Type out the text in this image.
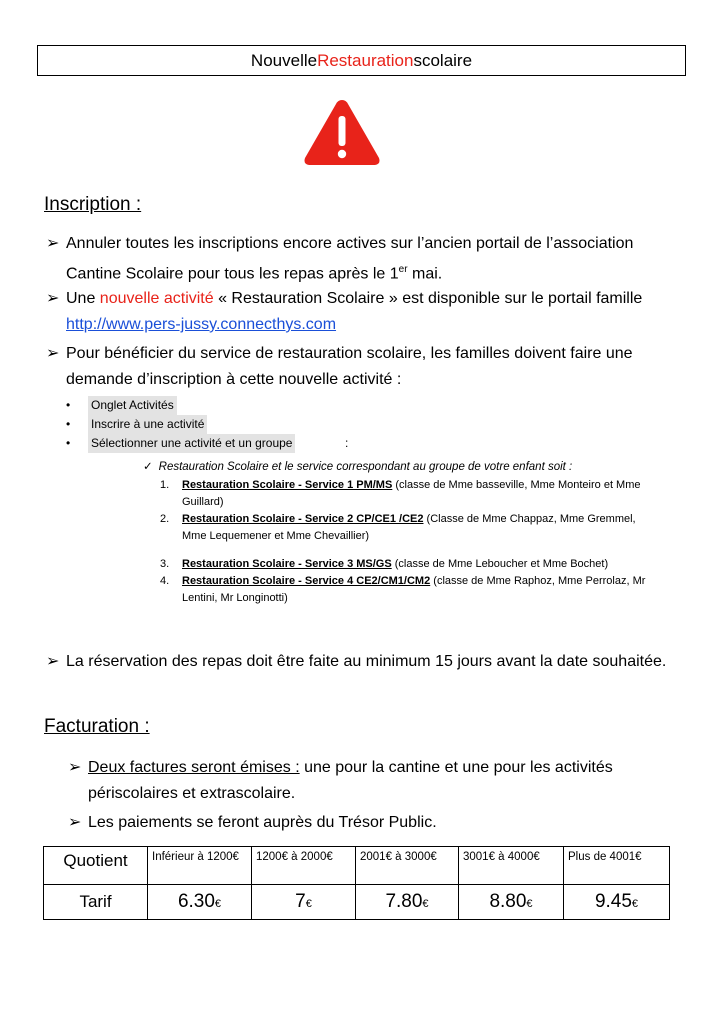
Nouvelle Restauration scolaire
Inscription :
➢ Annuler toutes les inscriptions encore actives sur l’ancien portail de l’association Cantine Scolaire pour tous les repas après le 1er mai.
➢ Une nouvelle activité « Restauration Scolaire » est disponible sur le portail famille http://www.pers-jussy.connecthys.com
➢ Pour bénéficier du service de restauration scolaire, les familles doivent faire une demande d’inscription à cette nouvelle activité :
• Onglet Activités
• Inscrire à une activité
• Sélectionner une activité et un groupe	:
✓ Restauration Scolaire et le service correspondant au groupe de votre enfant soit :
1. Restauration Scolaire - Service 1 PM/MS (classe de Mme basseville, Mme Monteiro et Mme Guillard)
2. Restauration Scolaire - Service 2 CP/CE1 /CE2 (Classe de Mme Chappaz, Mme Gremmel, Mme Lequemener et Mme Chevaillier)
3. Restauration Scolaire - Service 3 MS/GS (classe de Mme Leboucher et Mme Bochet)
4. Restauration Scolaire - Service 4 CE2/CM1/CM2 (classe de Mme Raphoz, Mme Perrolaz, Mr Lentini, Mr Longinotti)
➢ La réservation des repas doit être faite au minimum 15 jours avant la date souhaitée.
Facturation :
➢ Deux factures seront émises : une pour la cantine et une pour les activités périscolaires et extrascolaire.
➢ Les paiements se feront auprès du Trésor Public.
Quotient	Inférieur à 1200€	1200€ à 2000€	2001€ à 3000€	3001€ à 4000€	Plus de 4001€
Tarif	6.30€	7€	7.80€	8.80€	9.45€
